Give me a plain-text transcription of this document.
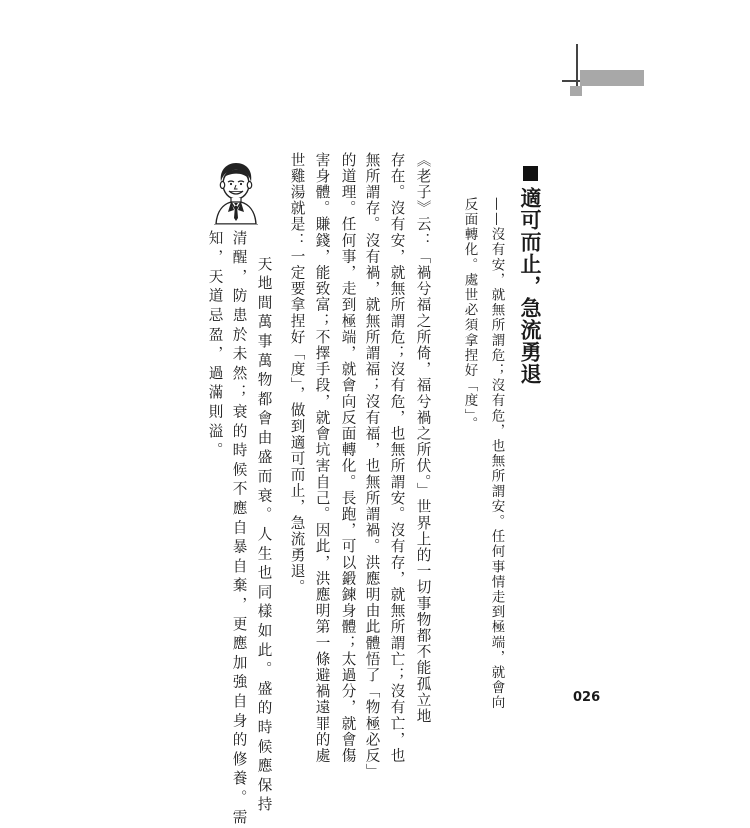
適可而止，急流勇退
——沒有安，就無所謂危；沒有危，也無所謂安。任何事情走到極端，就會向
反面轉化。處世必須拿捏好「度」。
《老子》云：「禍兮福之所倚，福兮禍之所伏。」世界上的一切事物都不能孤立地
存在。沒有安，就無所謂危；沒有危，也無所謂安。沒有存，就無所謂亡；沒有亡，也
無所謂存。沒有禍，就無所謂福；沒有福，也無所謂禍。洪應明由此體悟了「物極必反」
的道理。任何事，走到極端，就會向反面轉化。長跑，可以鍛鍊身體；太過分，就會傷
害身體。賺錢，能致富；不擇手段，就會坑害自己。因此，洪應明第一條避禍遠罪的處
世雞湯就是：一定要拿捏好「度」，做到適可而止，急流勇退。
天地間萬事萬物都會由盛而衰。人生也同樣如此。盛的時候應保持
清醒，防患於未然；衰的時候不應自暴自棄，更應加強自身的修養。需
知，天道忌盈，過滿則溢。
026
